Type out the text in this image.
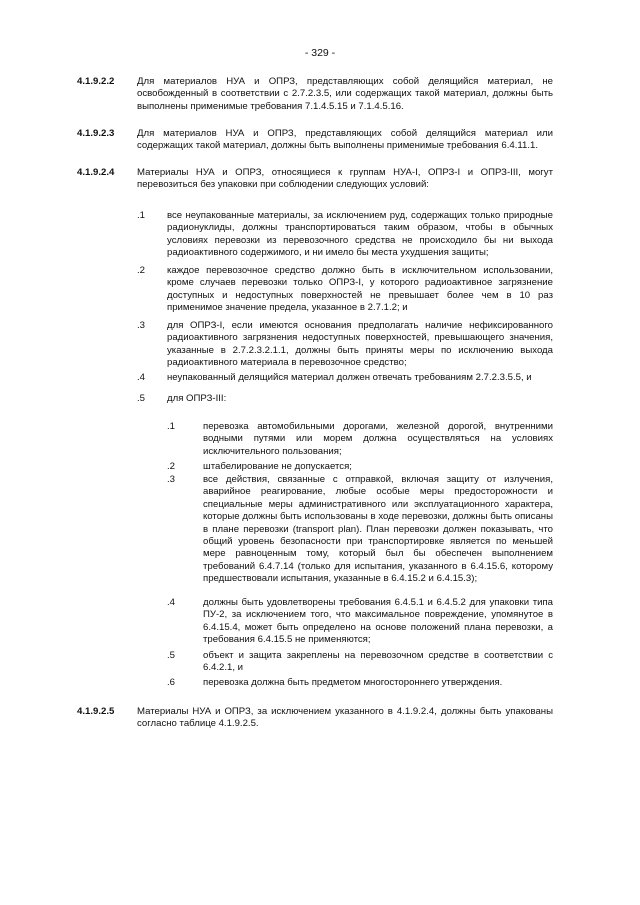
- 329 -
4.1.9.2.2 Для материалов НУА и ОПРЗ, представляющих собой делящийся материал, не освобожденный в соответствии с 2.7.2.3.5, или содержащих такой материал, должны быть выполнены применимые требования 7.1.4.5.15 и 7.1.4.5.16.
4.1.9.2.3 Для материалов НУА и ОПРЗ, представляющих собой делящийся материал или содержащих такой материал, должны быть выполнены применимые требования 6.4.11.1.
4.1.9.2.4 Материалы НУА и ОПРЗ, относящиеся к группам НУА-I, ОПРЗ-I и ОПРЗ-III, могут перевозиться без упаковки при соблюдении следующих условий:
.1 все неупакованные материалы, за исключением руд, содержащих только природные радионуклиды, должны транспортироваться таким образом, чтобы в обычных условиях перевозки из перевозочного средства не происходило бы ни выхода радиоактивного содержимого, и ни имело бы места ухудшения защиты;
.2 каждое перевозочное средство должно быть в исключительном использовании, кроме случаев перевозки только ОПРЗ-I, у которого радиоактивное загрязнение доступных и недоступных поверхностей не превышает более чем в 10 раз применимое значение предела, указанное в 2.7.1.2; и
.3 для ОПРЗ-I, если имеются основания предполагать наличие нефиксированного радиоактивного загрязнения недоступных поверхностей, превышающего значения, указанные в 2.7.2.3.2.1.1, должны быть приняты меры по исключению выхода радиоактивного материала в перевозочное средство;
.4 неупакованный делящийся материал должен отвечать требованиям 2.7.2.3.5.5, и
.5 для ОПРЗ-III:
.1	перевозка автомобильными дорогами, железной дорогой, внутренними водными путями или морем должна осуществляться на условиях исключительного пользования;
.2	штабелирование не допускается;
.3	все действия, связанные с отправкой, включая защиту от излучения, аварийное реагирование, любые особые меры предосторожности и специальные меры административного или эксплуатационного характера, которые должны быть использованы в ходе перевозки, должны быть описаны в плане перевозки (transport plan). План перевозки должен показывать, что общий уровень безопасности при транспортировке является по меньшей мере равноценным тому, который был бы обеспечен выполнением требований 6.4.7.14 (только для испытания, указанного в 6.4.15.6, которому предшествовали испытания, указанные в 6.4.15.2 и 6.4.15.3);
.4	должны быть удовлетворены требования 6.4.5.1 и 6.4.5.2 для упаковки типа ПУ-2, за исключением того, что максимальное повреждение, упомянутое в 6.4.15.4, может быть определено на основе положений плана перевозки, а требования 6.4.15.5 не применяются;
.5	объект и защита закреплены на перевозочном средстве в соответствии с 6.4.2.1, и
.6	перевозка должна быть предметом многостороннего утверждения.
4.1.9.2.5 Материалы НУА и ОПРЗ, за исключением указанного в 4.1.9.2.4, должны быть упакованы согласно таблице 4.1.9.2.5.
